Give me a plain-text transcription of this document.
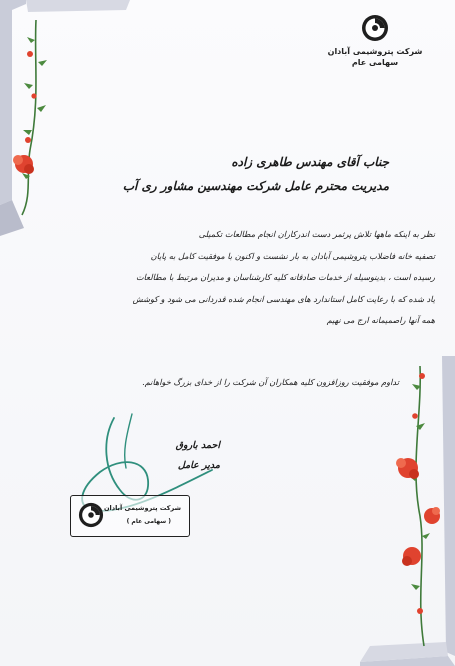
شرکت پتروشیمی آبادان
سهامی عام
جناب آقای مهندس طاهری زاده
مدیریت محترم عامل شرکت مهندسین مشاور ری آب

نظر به اینکه ماهها تلاش پرثمر دست اندرکاران انجام مطالعات تکمیلی

تصفیه خانه فاضلاب پتروشیمی آبادان به بار نشست و اکنون با موفقیت کامل به پایان

رسیده است ، بدینوسیله از خدمات صادقانه کلیه کارشناسان و مدیران مرتبط با مطالعات

یاد شده که با رعایت کامل استاندارد های مهندسی انجام شده قدردانی می شود و کوشش

همه آنها راصمیمانه ارج می نهیم

تداوم موفقیت روزافزون کلیه همکاران آن شرکت را از خدای بزرگ خواهانم.
احمد باروق
مدیر عامل
شرکت پتروشیمی آبادان
( سهامی عام )
